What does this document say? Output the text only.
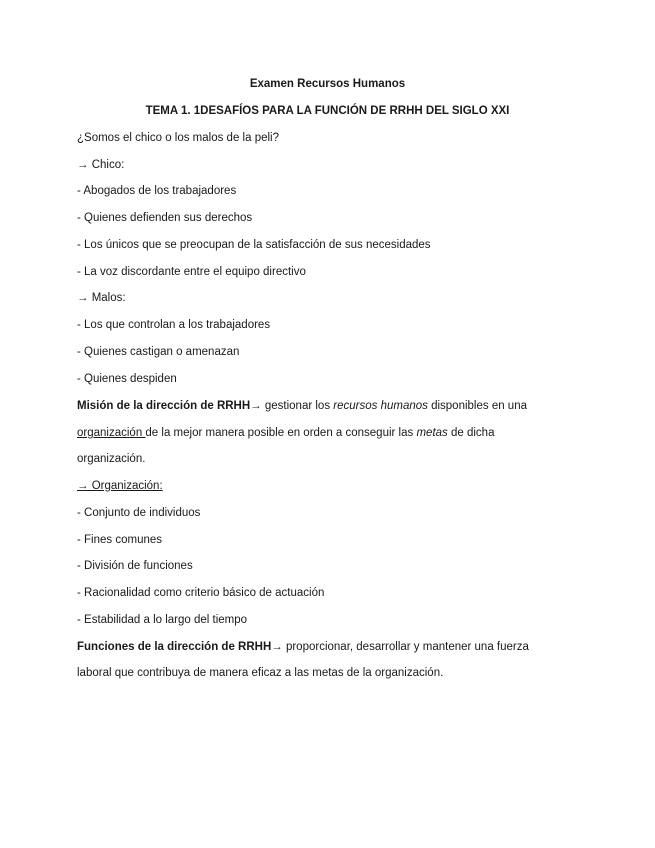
Examen Recursos Humanos
TEMA 1. 1DESAFÍOS PARA LA FUNCIÓN DE RRHH DEL SIGLO XXI
¿Somos el chico o los malos de la peli?
→ Chico:
- Abogados de los trabajadores
- Quienes defienden sus derechos
- Los únicos que se preocupan de la satisfacción de sus necesidades
- La voz discordante entre el equipo directivo
→ Malos:
- Los que controlan a los trabajadores
- Quienes castigan o amenazan
- Quienes despiden
Misión de la dirección de RRHH→ gestionar los recursos humanos disponibles en una
organización de la mejor manera posible en orden a conseguir las metas de dicha
organización.
→ Organización:
- Conjunto de individuos
- Fines comunes
- División de funciones
- Racionalidad como criterio básico de actuación
- Estabilidad a lo largo del tiempo
Funciones de la dirección de RRHH→ proporcionar, desarrollar y mantener una fuerza
laboral que contribuya de manera eficaz a las metas de la organización.
